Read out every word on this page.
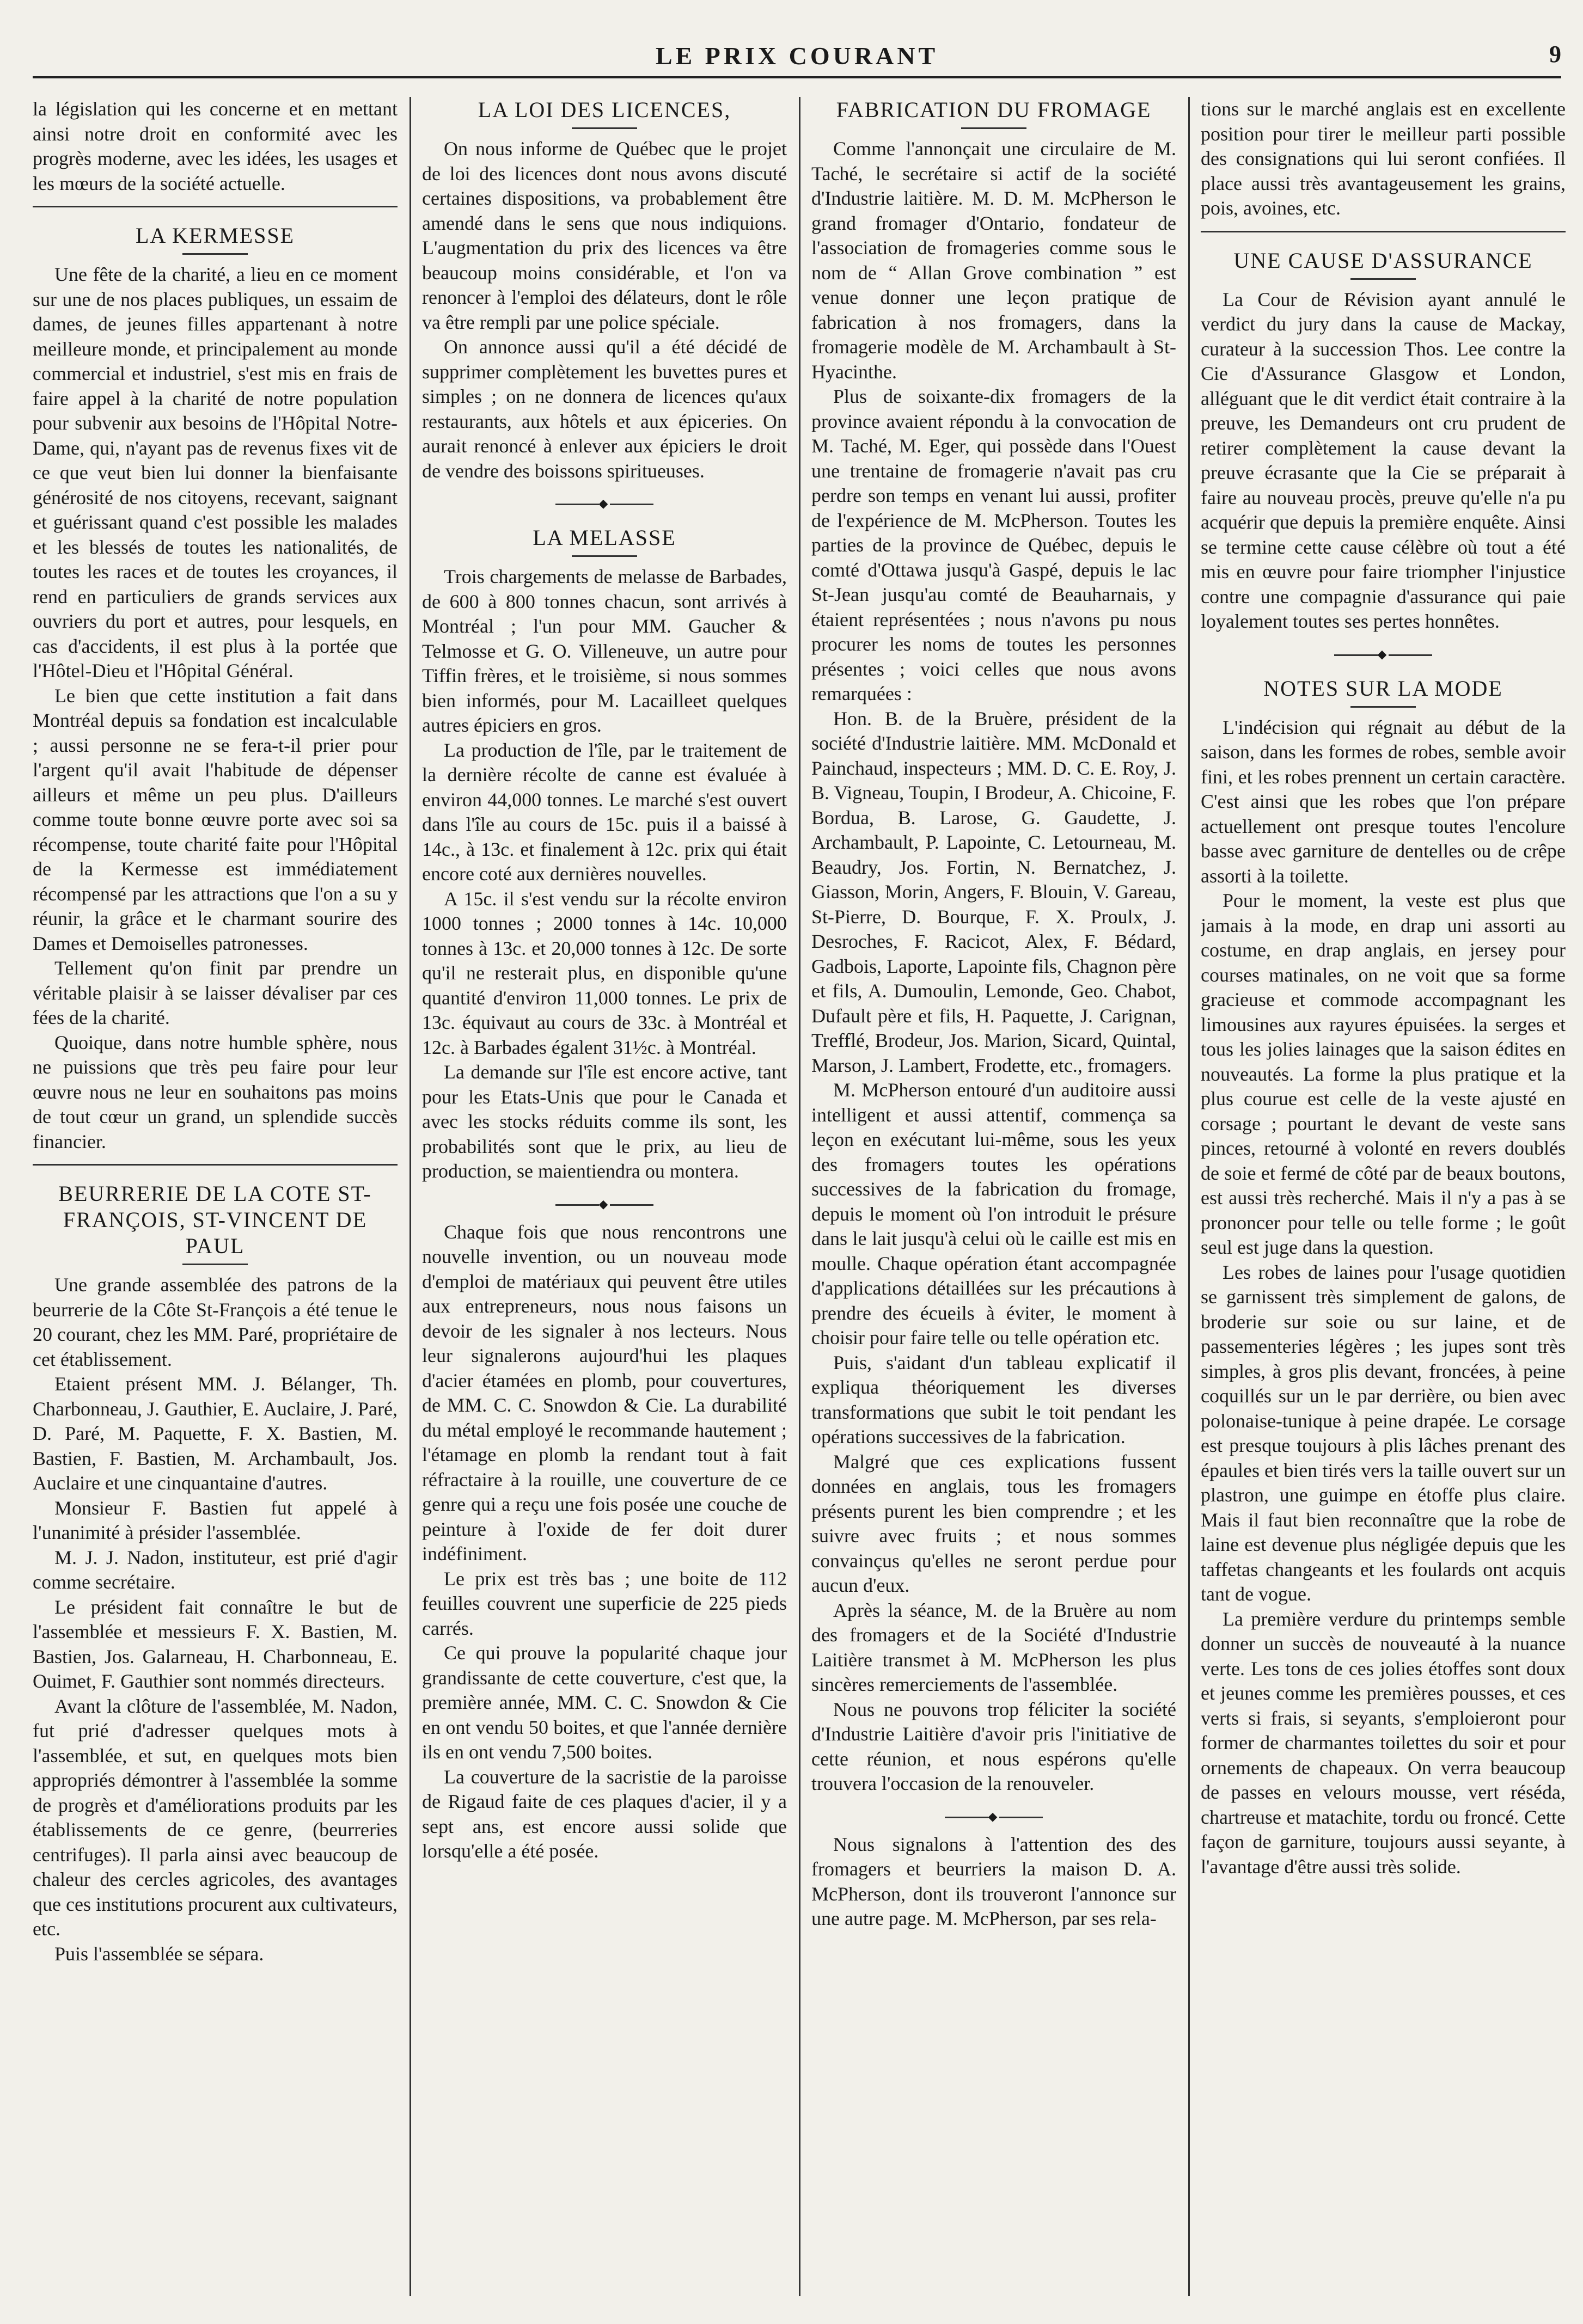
LE PRIX COURANT	9

la législation qui les concerne et en mettant ainsi notre droit en conformité avec les progrès moderne, avec les idées, les usages et les mœurs de la société actuelle.

LA KERMESSE

Une fête de la charité, a lieu en ce moment sur une de nos places publiques, un essaim de dames, de jeunes filles appartenant à notre meilleure monde, et principalement au monde commercial et industriel, s'est mis en frais de faire appel à la charité de notre population pour subvenir aux besoins de l'Hôpital Notre-Dame, qui, n'ayant pas de revenus fixes vit de ce que veut bien lui donner la bienfaisante générosité de nos citoyens, recevant, saignant et guérissant quand c'est possible les malades et les blessés de toutes les nationalités, de toutes les races et de toutes les croyances, il rend en particuliers de grands services aux ouvriers du port et autres, pour lesquels, en cas d'accidents, il est plus à la portée que l'Hôtel-Dieu et l'Hôpital Général.

Le bien que cette institution a fait dans Montréal depuis sa fondation est incalculable ; aussi personne ne se fera-t-il prier pour l'argent qu'il avait l'habitude de dépenser ailleurs et même un peu plus. D'ailleurs comme toute bonne œuvre porte avec soi sa récompense, toute charité faite pour l'Hôpital de la Kermesse est immédiatement récompensé par les attractions que l'on a su y réunir, la grâce et le charmant sourire des Dames et Demoiselles patronesses.

Tellement qu'on finit par prendre un véritable plaisir à se laisser dévaliser par ces fées de la charité.

Quoique, dans notre humble sphère, nous ne puissions que très peu faire pour leur œuvre nous ne leur en souhaitons pas moins de tout cœur un grand, un splendide succès financier.

BEURRERIE DE LA COTE ST-FRANÇOIS, ST-VINCENT DE PAUL

Une grande assemblée des patrons de la beurrerie de la Côte St-François a été tenue le 20 courant, chez les MM. Paré, propriétaire de cet établissement.

Etaient présent MM. J. Bélanger, Th. Charbonneau, J. Gauthier, E. Auclaire, J. Paré, D. Paré, M. Paquette, F. X. Bastien, M. Bastien, F. Bastien, M. Archambault, Jos. Auclaire et une cinquantaine d'autres.

Monsieur F. Bastien fut appelé à l'unanimité à présider l'assemblée.

M. J. J. Nadon, instituteur, est prié d'agir comme secrétaire.

Le président fait connaître le but de l'assemblée et messieurs F. X. Bastien, M. Bastien, Jos. Galarneau, H. Charbonneau, E. Ouimet, F. Gauthier sont nommés directeurs.

Avant la clôture de l'assemblée, M. Nadon, fut prié d'adresser quelques mots à l'assemblée, et sut, en quelques mots bien appropriés démontrer à l'assemblée la somme de progrès et d'améliorations produits par les établissements de ce genre, (beurreries centrifuges). Il parla ainsi avec beaucoup de chaleur des cercles agricoles, des avantages que ces institutions procurent aux cultivateurs, etc.

Puis l'assemblée se sépara.

LA LOI DES LICENCES,

On nous informe de Québec que le projet de loi des licences dont nous avons discuté certaines dispositions, va probablement être amendé dans le sens que nous indiquions. L'augmentation du prix des licences va être beaucoup moins considérable, et l'on va renoncer à l'emploi des délateurs, dont le rôle va être rempli par une police spéciale.

On annonce aussi qu'il a été décidé de supprimer complètement les buvettes pures et simples ; on ne donnera de licences qu'aux restaurants, aux hôtels et aux épiceries. On aurait renoncé à enlever aux épiciers le droit de vendre des boissons spiritueuses.

◆
LA MELASSE

Trois chargements de melasse de Barbades, de 600 à 800 tonnes chacun, sont arrivés à Montréal ; l'un pour MM. Gaucher & Telmosse et G. O. Villeneuve, un autre pour Tiffin frères, et le troisième, si nous sommes bien informés, pour M. Lacailleet quelques autres épiciers en gros.

La production de l'île, par le traitement de la dernière récolte de canne est évaluée à environ 44,000 tonnes. Le marché s'est ouvert dans l'île au cours de 15c. puis il a baissé à 14c., à 13c. et finalement à 12c. prix qui était encore coté aux dernières nouvelles.

A 15c. il s'est vendu sur la récolte environ 1000 tonnes ; 2000 tonnes à 14c. 10,000 tonnes à 13c. et 20,000 tonnes à 12c. De sorte qu'il ne resterait plus, en disponible qu'une quantité d'environ 11,000 tonnes. Le prix de 13c. équivaut au cours de 33c. à Montréal et 12c. à Barbades égalent 31½c. à Montréal.

La demande sur l'île est encore active, tant pour les Etats-Unis que pour le Canada et avec les stocks réduits comme ils sont, les probabilités sont que le prix, au lieu de production, se maientiendra ou montera.

◆

Chaque fois que nous rencontrons une nouvelle invention, ou un nouveau mode d'emploi de matériaux qui peuvent être utiles aux entrepreneurs, nous nous faisons un devoir de les signaler à nos lecteurs. Nous leur signalerons aujourd'hui les plaques d'acier étamées en plomb, pour couvertures, de MM. C. C. Snowdon & Cie. La durabilité du métal employé le recommande hautement ; l'étamage en plomb la rendant tout à fait réfractaire à la rouille, une couverture de ce genre qui a reçu une fois posée une couche de peinture à l'oxide de fer doit durer indéfiniment.

Le prix est très bas ; une boite de 112 feuilles couvrent une superficie de 225 pieds carrés.

Ce qui prouve la popularité chaque jour grandissante de cette couverture, c'est que, la première année, MM. C. C. Snowdon & Cie en ont vendu 50 boites, et que l'année dernière ils en ont vendu 7,500 boites.

La couverture de la sacristie de la paroisse de Rigaud faite de ces plaques d'acier, il y a sept ans, est encore aussi solide que lorsqu'elle a été posée.

FABRICATION DU FROMAGE

Comme l'annonçait une circulaire de M. Taché, le secrétaire si actif de la société d'Industrie laitière. M. D. M. McPherson le grand fromager d'Ontario, fondateur de l'association de fromageries comme sous le nom de “ Allan Grove combination ” est venue donner une leçon pratique de fabrication à nos fromagers, dans la fromagerie modèle de M. Archambault à St-Hyacinthe.

Plus de soixante-dix fromagers de la province avaient répondu à la convocation de M. Taché, M. Eger, qui possède dans l'Ouest une trentaine de fromagerie n'avait pas cru perdre son temps en venant lui aussi, profiter de l'expérience de M. McPherson. Toutes les parties de la province de Québec, depuis le comté d'Ottawa jusqu'à Gaspé, depuis le lac St-Jean jusqu'au comté de Beauharnais, y étaient représentées ; nous n'avons pu nous procurer les noms de toutes les personnes présentes ; voici celles que nous avons remarquées :

Hon. B. de la Bruère, président de la société d'Industrie laitière. MM. McDonald et Painchaud, inspecteurs ; MM. D. C. E. Roy, J. B. Vigneau, Toupin, I Brodeur, A. Chicoine, F. Bordua, B. Larose, G. Gaudette, J. Archambault, P. Lapointe, C. Letourneau, M. Beaudry, Jos. Fortin, N. Bernatchez, J. Giasson, Morin, Angers, F. Blouin, V. Gareau, St-Pierre, D. Bourque, F. X. Proulx, J. Desroches, F. Racicot, Alex, F. Bédard, Gadbois, Laporte, Lapointe fils, Chagnon père et fils, A. Dumoulin, Lemonde, Geo. Chabot, Dufault père et fils, H. Paquette, J. Carignan, Trefflé, Brodeur, Jos. Marion, Sicard, Quintal, Marson, J. Lambert, Frodette, etc., fromagers.

M. McPherson entouré d'un auditoire aussi intelligent et aussi attentif, commença sa leçon en exécutant lui-même, sous les yeux des fromagers toutes les opérations successives de la fabrication du fromage, depuis le moment où l'on introduit le présure dans le lait jusqu'à celui où le caille est mis en moulle. Chaque opération étant accompagnée d'applications détaillées sur les précautions à prendre des écueils à éviter, le moment à choisir pour faire telle ou telle opération etc.

Puis, s'aidant d'un tableau explicatif il expliqua théoriquement les diverses transformations que subit le toit pendant les opérations successives de la fabrication.

Malgré que ces explications fussent données en anglais, tous les fromagers présents purent les bien comprendre ; et les suivre avec fruits ; et nous sommes convainçus qu'elles ne seront perdue pour aucun d'eux.

Après la séance, M. de la Bruère au nom des fromagers et de la Société d'Industrie Laitière transmet à M. McPherson les plus sincères remerciements de l'assemblée.

Nous ne pouvons trop féliciter la société d'Industrie Laitière d'avoir pris l'initiative de cette réunion, et nous espérons qu'elle trouvera l'occasion de la renouveler.

◆

Nous signalons à l'attention des des fromagers et beurriers la maison D. A. McPherson, dont ils trouveront l'annonce sur une autre page. M. McPherson, par ses rela-

tions sur le marché anglais est en excellente position pour tirer le meilleur parti possible des consignations qui lui seront confiées. Il place aussi très avantageusement les grains, pois, avoines, etc.

UNE CAUSE D'ASSURANCE

La Cour de Révision ayant annulé le verdict du jury dans la cause de Mackay, curateur à la succession Thos. Lee contre la Cie d'Assurance Glasgow et London, alléguant que le dit verdict était contraire à la preuve, les Demandeurs ont cru prudent de retirer complètement la cause devant la preuve écrasante que la Cie se préparait à faire au nouveau procès, preuve qu'elle n'a pu acquérir que depuis la première enquête. Ainsi se termine cette cause célèbre où tout a été mis en œuvre pour faire triompher l'injustice contre une compagnie d'assurance qui paie loyalement toutes ses pertes honnêtes.

◆
NOTES SUR LA MODE

L'indécision qui régnait au début de la saison, dans les formes de robes, semble avoir fini, et les robes prennent un certain caractère. C'est ainsi que les robes que l'on prépare actuellement ont presque toutes l'encolure basse avec garniture de dentelles ou de crêpe assorti à la toilette.

Pour le moment, la veste est plus que jamais à la mode, en drap uni assorti au costume, en drap anglais, en jersey pour courses matinales, on ne voit que sa forme gracieuse et commode accompagnant les limousines aux rayures épuisées. la serges et tous les jolies lainages que la saison édites en nouveautés. La forme la plus pratique et la plus courue est celle de la veste ajusté en corsage ; pourtant le devant de veste sans pinces, retourné à volonté en revers doublés de soie et fermé de côté par de beaux boutons, est aussi très recherché. Mais il n'y a pas à se prononcer pour telle ou telle forme ; le goût seul est juge dans la question.

Les robes de laines pour l'usage quotidien se garnissent très simplement de galons, de broderie sur soie ou sur laine, et de passementeries légères ; les jupes sont très simples, à gros plis devant, froncées, à peine coquillés sur un le par derrière, ou bien avec polonaise-tunique à peine drapée. Le corsage est presque toujours à plis lâches prenant des épaules et bien tirés vers la taille ouvert sur un plastron, une guimpe en étoffe plus claire. Mais il faut bien reconnaître que la robe de laine est devenue plus négligée depuis que les taffetas changeants et les foulards ont acquis tant de vogue.

La première verdure du printemps semble donner un succès de nouveauté à la nuance verte. Les tons de ces jolies étoffes sont doux et jeunes comme les premières pousses, et ces verts si frais, si seyants, s'emploieront pour former de charmantes toilettes du soir et pour ornements de chapeaux. On verra beaucoup de passes en velours mousse, vert réséda, chartreuse et matachite, tordu ou froncé. Cette façon de garniture, toujours aussi seyante, à l'avantage d'être aussi très solide.
